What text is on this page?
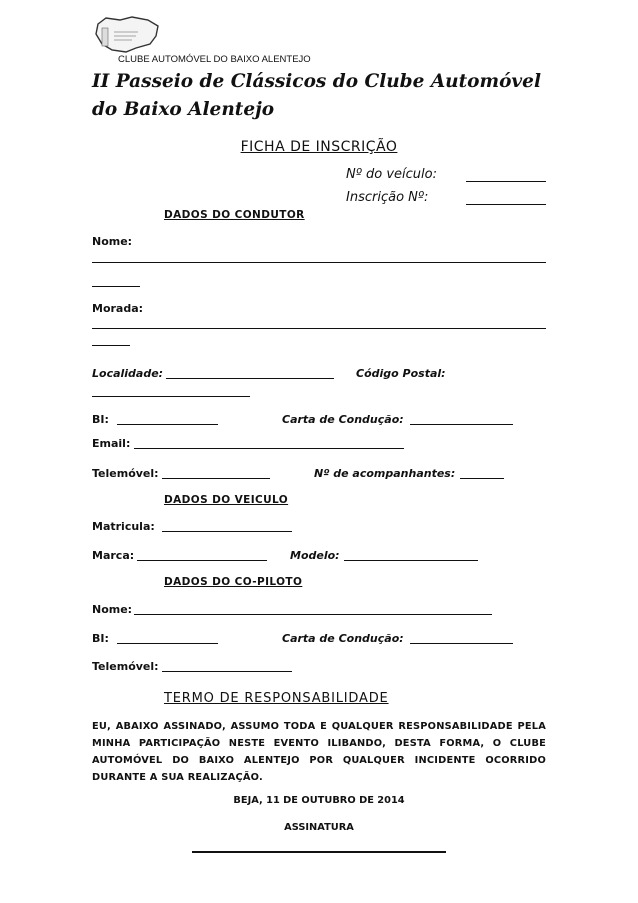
CLUBE AUTOMÓVEL DO BAIXO ALENTEJO
II Passeio de Clássicos do Clube Automóvel do Baixo Alentejo
FICHA DE INSCRIÇÃO
Nº do veículo:
Inscrição Nº:
DADOS DO CONDUTOR
Nome:
Morada:
Localidade:	Código Postal:
BI:	Carta de Condução:
Email:
Telemóvel:	Nº de acompanhantes:
DADOS DO VEICULO
Matricula:
Marca:	Modelo:
DADOS DO CO-PILOTO
Nome:
BI:	Carta de Condução:
Telemóvel:
TERMO DE RESPONSABILIDADE
EU, ABAIXO ASSINADO, ASSUMO TODA E QUALQUER RESPONSABILIDADE PELA MINHA PARTICIPAÇÃO NESTE EVENTO ILIBANDO, DESTA FORMA, O CLUBE AUTOMÓVEL DO BAIXO ALENTEJO POR QUALQUER INCIDENTE OCORRIDO DURANTE A SUA REALIZAÇÃO.
BEJA, 11 DE OUTUBRO DE 2014
ASSINATURA
